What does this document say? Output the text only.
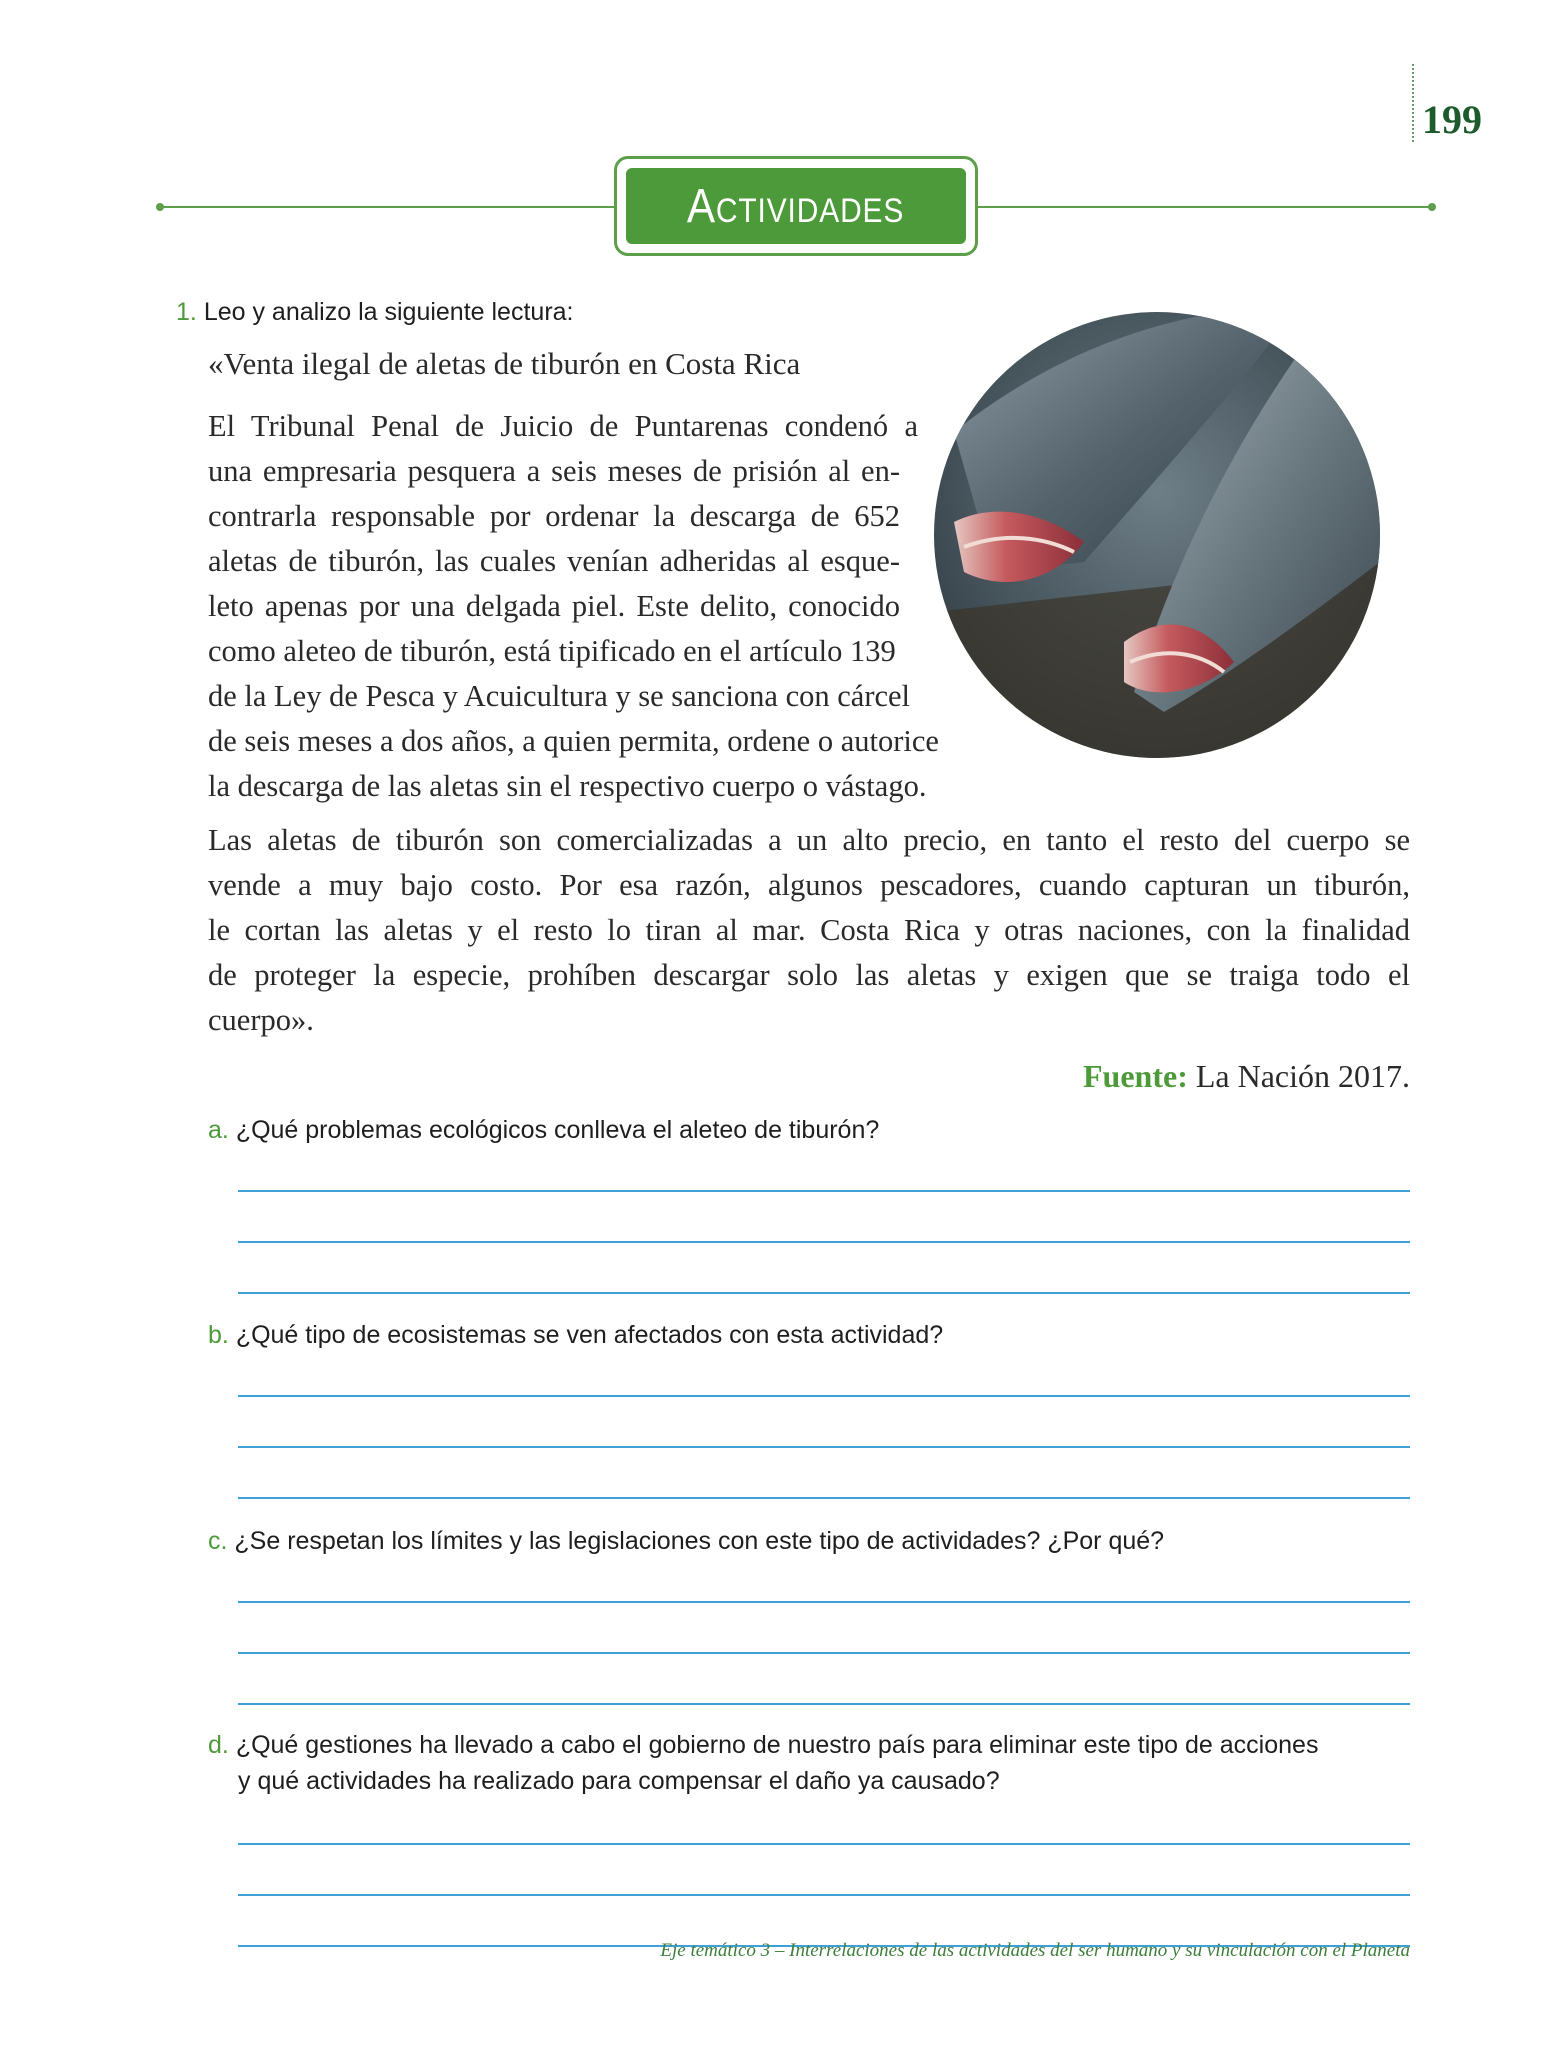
199
Actividades
1. Leo y analizo la siguiente lectura:
«Venta ilegal de aletas de tiburón en Costa Rica
El Tribunal Penal de Juicio de Puntarenas condenó a
una empresaria pesquera a seis meses de prisión al en-
contrarla responsable por ordenar la descarga de 652
aletas de tiburón, las cuales venían adheridas al esque-
leto apenas por una delgada piel. Este delito, conocido
como aleteo de tiburón, está tipificado en el artículo 139
de la Ley de Pesca y Acuicultura y se sanciona con cárcel
de seis meses a dos años, a quien permita, ordene o autorice
la descarga de las aletas sin el respectivo cuerpo o vástago.
Las aletas de tiburón son comercializadas a un alto precio, en tanto el resto del cuerpo se
vende a muy bajo costo. Por esa razón, algunos pescadores, cuando capturan un tiburón,
le cortan las aletas y el resto lo tiran al mar. Costa Rica y otras naciones, con la finalidad
de proteger la especie, prohíben descargar solo las aletas y exigen que se traiga todo el
cuerpo».
Fuente: La Nación 2017.
a. ¿Qué problemas ecológicos conlleva el aleteo de tiburón?
b. ¿Qué tipo de ecosistemas se ven afectados con esta actividad?
c. ¿Se respetan los límites y las legislaciones con este tipo de actividades? ¿Por qué?
d. ¿Qué gestiones ha llevado a cabo el gobierno de nuestro país para eliminar este tipo de acciones
y qué actividades ha realizado para compensar el daño ya causado?
Eje temático 3 – Interrelaciones de las actividades del ser humano y su vinculación con el Planeta
